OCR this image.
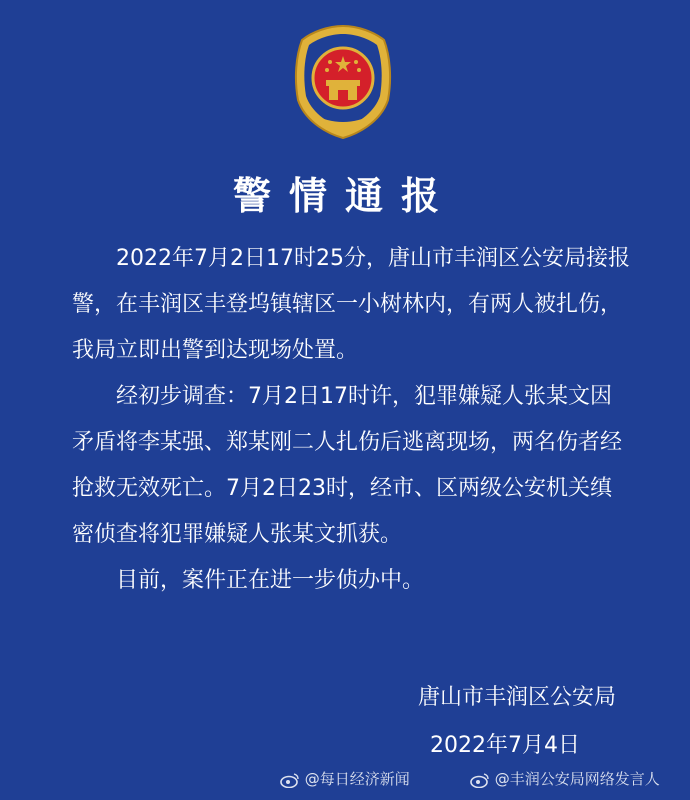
警情通报

2022年7月2日17时25分，唐山市丰润区公安局接报警，在丰润区丰登坞镇辖区一小树林内，有两人被扎伤，我局立即出警到达现场处置。

经初步调查：7月2日17时许，犯罪嫌疑人张某文因矛盾将李某强、郑某刚二人扎伤后逃离现场，两名伤者经抢救无效死亡。7月2日23时，经市、区两级公安机关缜密侦查将犯罪嫌疑人张某文抓获。

目前，案件正在进一步侦办中。

唐山市丰润区公安局
2022年7月4日
@每日经济新闻	@丰润公安局网络发言人
